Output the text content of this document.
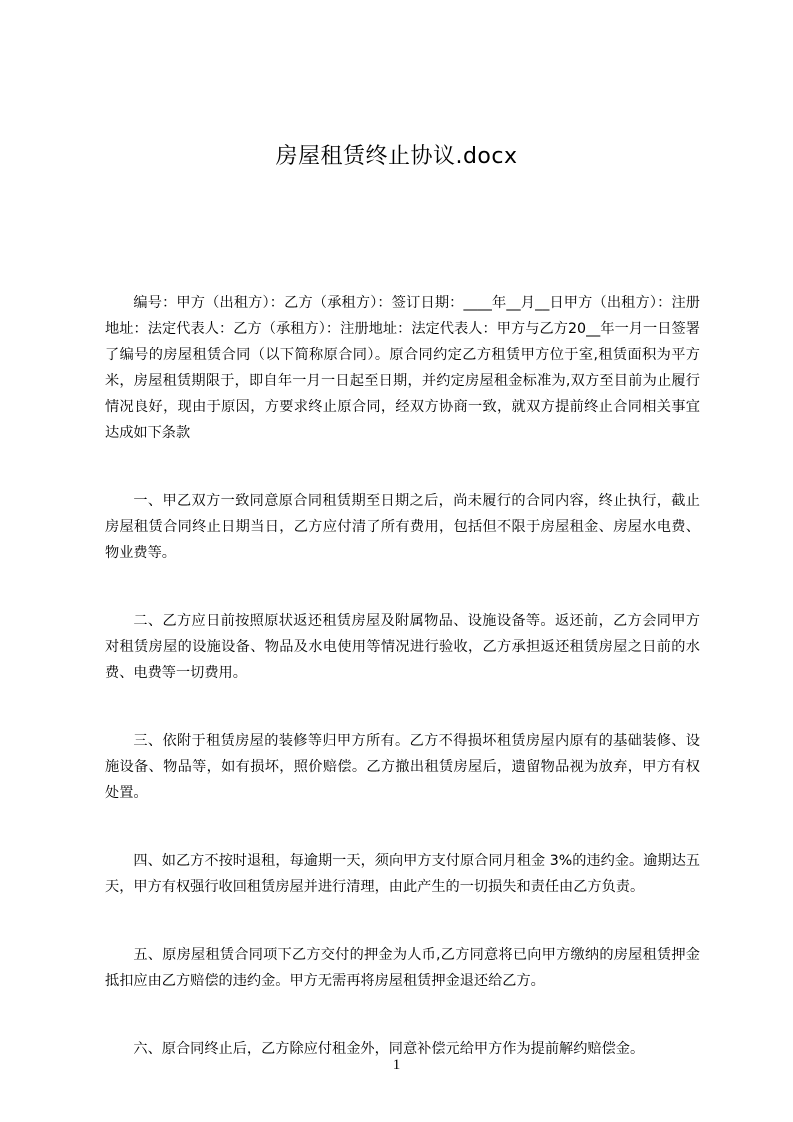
房屋租赁终止协议.docx

编号：甲方（出租方）：乙方（承租方）：签订日期：____年__月__日甲方（出租方）：注册地址：法定代表人：乙方（承租方）：注册地址：法定代表人：甲方与乙方20__年一月一日签署了编号的房屋租赁合同（以下简称原合同）。原合同约定乙方租赁甲方位于室,租赁面积为平方米，房屋租赁期限于，即自年一月一日起至日期，并约定房屋租金标准为,双方至目前为止履行情况良好，现由于原因，方要求终止原合同，经双方协商一致，就双方提前终止合同相关事宜达成如下条款

一、甲乙双方一致同意原合同租赁期至日期之后，尚未履行的合同内容，终止执行，截止房屋租赁合同终止日期当日，乙方应付清了所有费用，包括但不限于房屋租金、房屋水电费、物业费等。

二、乙方应日前按照原状返还租赁房屋及附属物品、设施设备等。返还前，乙方会同甲方对租赁房屋的设施设备、物品及水电使用等情况进行验收，乙方承担返还租赁房屋之日前的水费、电费等一切费用。

三、依附于租赁房屋的装修等归甲方所有。乙方不得损坏租赁房屋内原有的基础装修、设施设备、物品等，如有损坏，照价赔偿。乙方撤出租赁房屋后，遗留物品视为放弃，甲方有权处置。

四、如乙方不按时退租，每逾期一天，须向甲方支付原合同月租金 3%的违约金。逾期达五天，甲方有权强行收回租赁房屋并进行清理，由此产生的一切损失和责任由乙方负责。

五、原房屋租赁合同项下乙方交付的押金为人币,乙方同意将已向甲方缴纳的房屋租赁押金抵扣应由乙方赔偿的违约金。甲方无需再将房屋租赁押金退还给乙方。

六、原合同终止后，乙方除应付租金外，同意补偿元给甲方作为提前解约赔偿金。

1
